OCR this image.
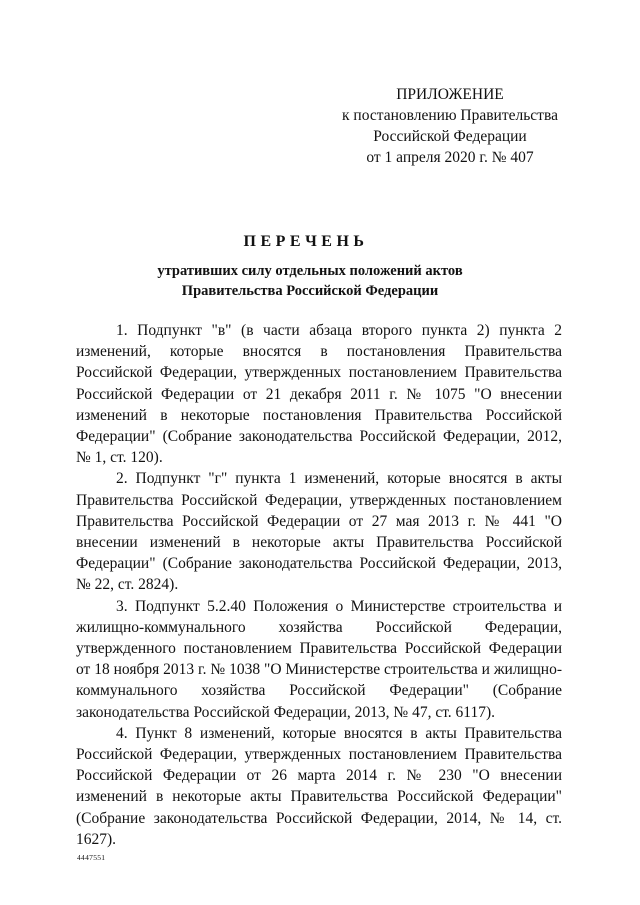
ПРИЛОЖЕНИЕ
к постановлению Правительства
Российской Федерации
от 1 апреля 2020 г. № 407
ПЕРЕЧЕНЬ
утративших силу отдельных положений актов
Правительства Российской Федерации

1. Подпункт "в" (в части абзаца второго пункта 2) пункта 2 изменений, которые вносятся в постановления Правительства Российской Федерации, утвержденных постановлением Правительства Российской Федерации от 21 декабря 2011 г. № 1075 "О внесении изменений в некоторые постановления Правительства Российской Федерации" (Собрание законодательства Российской Федерации, 2012, № 1, ст. 120).

2. Подпункт "г" пункта 1 изменений, которые вносятся в акты Правительства Российской Федерации, утвержденных постановлением Правительства Российской Федерации от 27 мая 2013 г. № 441 "О внесении изменений в некоторые акты Правительства Российской Федерации" (Собрание законодательства Российской Федерации, 2013, № 22, ст. 2824).

3. Подпункт 5.2.40 Положения о Министерстве строительства и жилищно-коммунального хозяйства Российской Федерации, утвержденного постановлением Правительства Российской Федерации от 18 ноября 2013 г. № 1038 "О Министерстве строительства и жилищно-коммунального хозяйства Российской Федерации" (Собрание законодательства Российской Федерации, 2013, № 47, ст. 6117).

4. Пункт 8 изменений, которые вносятся в акты Правительства Российской Федерации, утвержденных постановлением Правительства Российской Федерации от 26 марта 2014 г. № 230 "О внесении изменений в некоторые акты Правительства Российской Федерации" (Собрание законодательства Российской Федерации, 2014, № 14, ст. 1627).

4447551
